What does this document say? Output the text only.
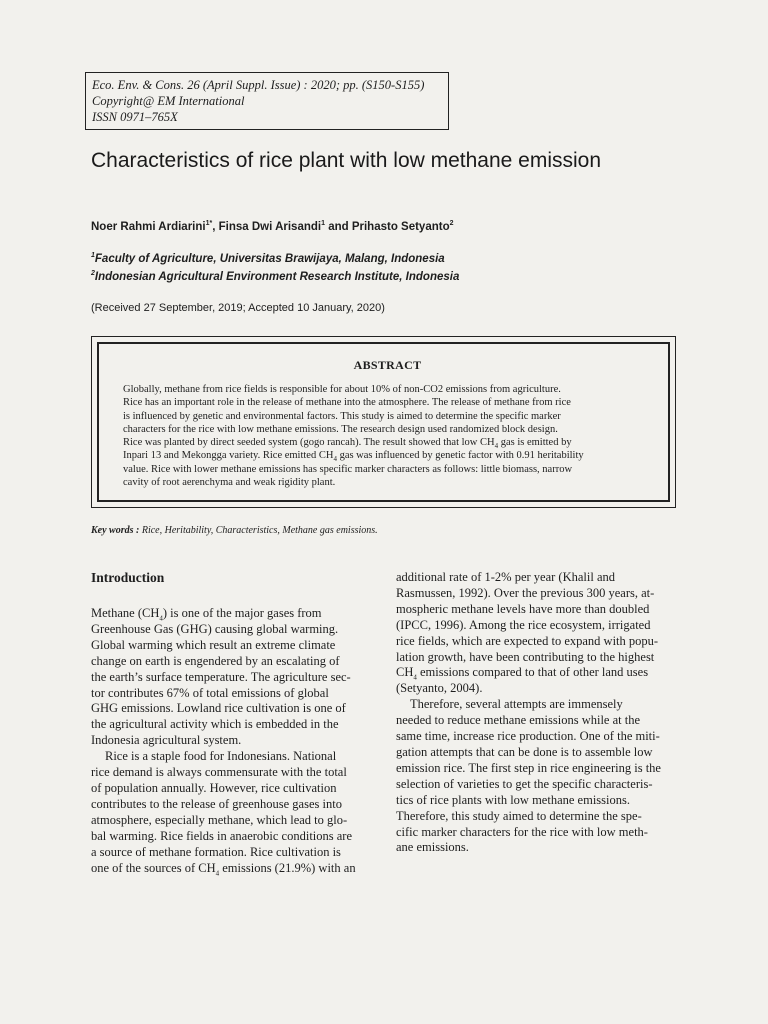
Eco. Env. & Cons. 26 (April Suppl. Issue) : 2020; pp. (S150-S155)
Copyright@ EM International
ISSN 0971–765X
Characteristics of rice plant with low methane emission
Noer Rahmi Ardiarini$^{1*}$, Finsa Dwi Arisandi$^1$ and Prihasto Setyanto$^2$
$^1$Faculty of Agriculture, Universitas Brawijaya, Malang, Indonesia
$^2$Indonesian Agricultural Environment Research Institute, Indonesia
(Received 27 September, 2019; Accepted 10 January, 2020)
ABSTRACT

Globally, methane from rice fields is responsible for about 10% of non-CO2 emissions from agriculture.
Rice has an important role in the release of methane into the atmosphere. The release of methane from rice
is influenced by genetic and environmental factors. This study is aimed to determine the specific marker
characters for the rice with low methane emissions. The research design used randomized block design.
Rice was planted by direct seeded system (gogo rancah). The result showed that low $CH_4$ gas is emitted by
Inpari 13 and Mekongga variety. Rice emitted $CH_4$ gas was influenced by genetic factor with 0.91 heritability
value. Rice with lower methane emissions has specific marker characters as follows: little biomass, narrow
cavity of root aerenchyma and weak rigidity plant.

Key words : Rice, Heritability, Characteristics, Methane gas emissions.
Introduction
Methane $(CH_4)$ is one of the major gases from
Greenhouse Gas (GHG) causing global warming.
Global warming which result an extreme climate
change on earth is engendered by an escalating of
the earth’s surface temperature. The agriculture sec-
tor contributes 67% of total emissions of global
GHG emissions. Lowland rice cultivation is one of
the agricultural activity which is embedded in the
Indonesia agricultural system.
Rice is a staple food for Indonesians. National
rice demand is always commensurate with the total
of population annually. However, rice cultivation
contributes to the release of greenhouse gases into
atmosphere, especially methane, which lead to glo-
bal warming. Rice fields in anaerobic conditions are
a source of methane formation. Rice cultivation is
one of the sources of $CH_4$ emissions (21.9%) with an
additional rate of 1-2% per year (Khalil and
Rasmussen, 1992). Over the previous 300 years, at-
mospheric methane levels have more than doubled
(IPCC, 1996). Among the rice ecosystem, irrigated
rice fields, which are expected to expand with popu-
lation growth, have been contributing to the highest
$CH_4$ emissions compared to that of other land uses
(Setyanto, 2004).
Therefore, several attempts are immensely
needed to reduce methane emissions while at the
same time, increase rice production. One of the miti-
gation attempts that can be done is to assemble low
emission rice. The first step in rice engineering is the
selection of varieties to get the specific characteris-
tics of rice plants with low methane emissions.
Therefore, this study aimed to determine the spe-
cific marker characters for the rice with low meth-
ane emissions.
